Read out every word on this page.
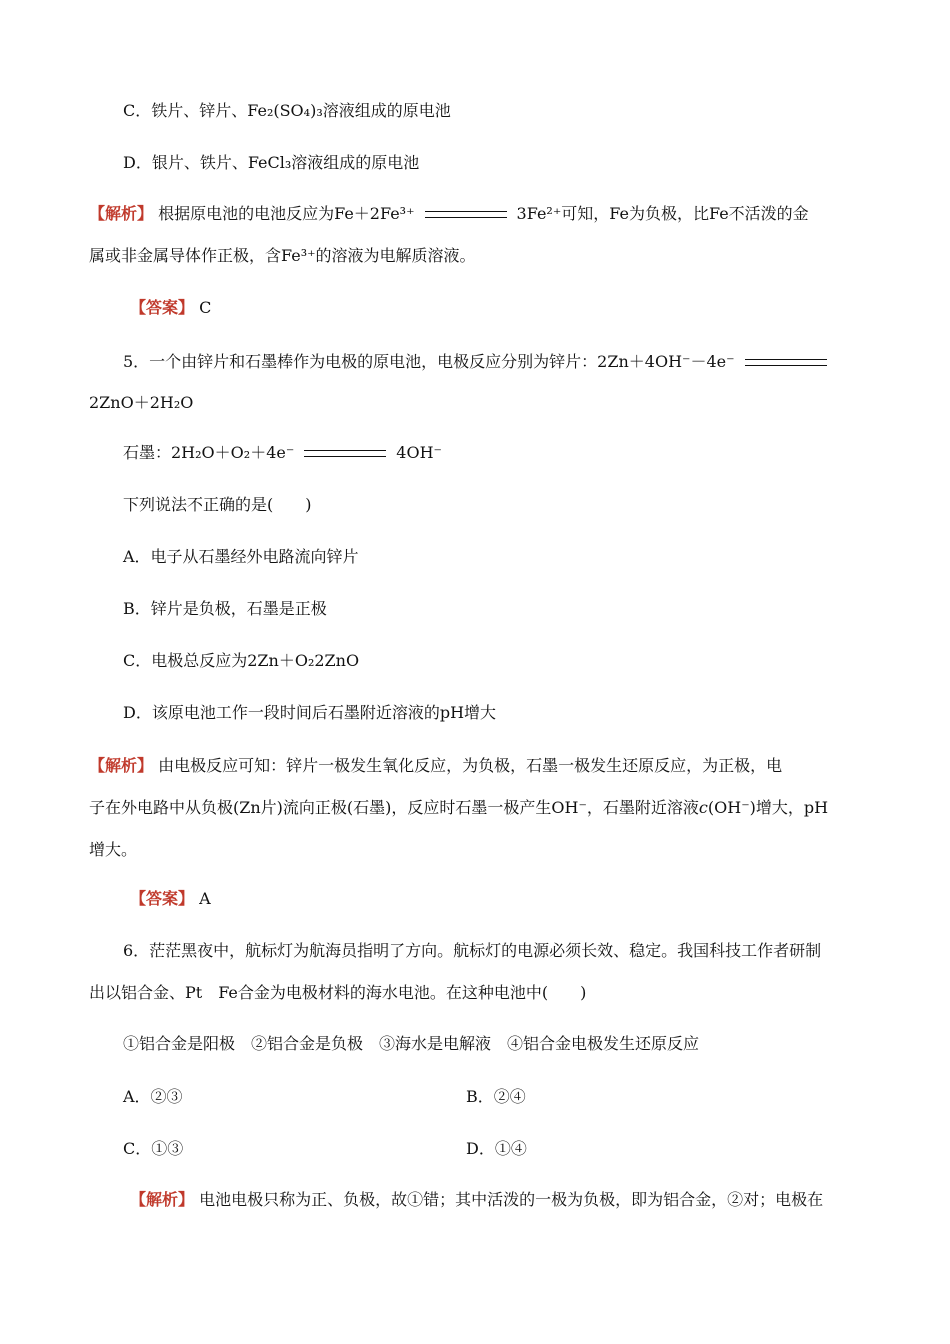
C．铁片、锌片、Fe₂(SO₄)₃溶液组成的原电池
D．银片、铁片、FeCl₃溶液组成的原电池
【解析】 根据原电池的电池反应为Fe＋2Fe³⁺	3Fe²⁺可知，Fe为负极，比Fe不活泼的金
属或非金属导体作正极，含Fe³⁺的溶液为电解质溶液。
【答案】 C
5．一个由锌片和石墨棒作为电极的原电池，电极反应分别为锌片：2Zn＋4OH⁻－4e⁻
2ZnO＋2H₂O
石墨：2H₂O＋O₂＋4e⁻	4OH⁻
下列说法不正确的是(　　)
A．电子从石墨经外电路流向锌片
B．锌片是负极，石墨是正极
C．电极总反应为2Zn＋O₂2ZnO
D．该原电池工作一段时间后石墨附近溶液的pH增大
【解析】 由电极反应可知：锌片一极发生氧化反应，为负极，石墨一极发生还原反应，为正极，电
子在外电路中从负极(Zn片)流向正极(石墨)，反应时石墨一极产生OH⁻，石墨附近溶液c(OH⁻)增大，pH
增大。
【答案】 A
6．茫茫黑夜中，航标灯为航海员指明了方向。航标灯的电源必须长效、稳定。我国科技工作者研制
出以铝合金、Pt　Fe合金为电极材料的海水电池。在这种电池中(　　)
①铝合金是阳极　②铝合金是负极　③海水是电解液　④铝合金电极发生还原反应
A．②③	B．②④
C．①③	D．①④
【解析】 电池电极只称为正、负极，故①错；其中活泼的一极为负极，即为铝合金，②对；电极在
